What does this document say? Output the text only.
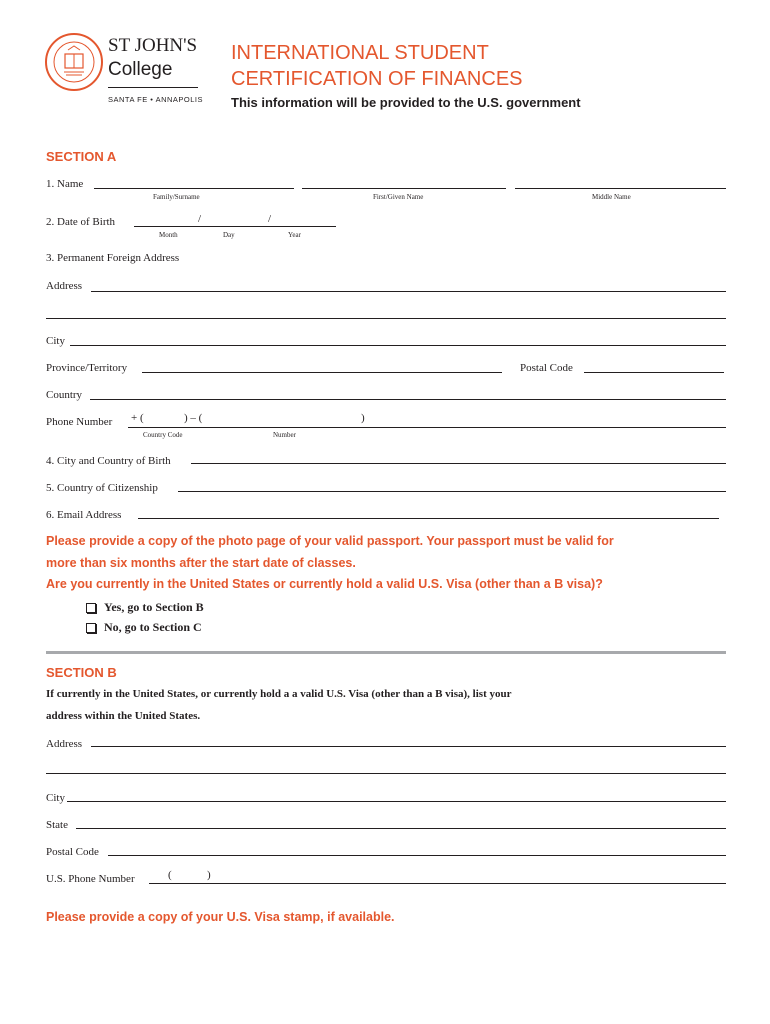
ST JOHN'S
College
SANTA FE • ANNAPOLIS
INTERNATIONAL STUDENT
CERTIFICATION OF FINANCES
This information will be provided to the U.S. government
SECTION A
1. Name
Family/Surname	First/Given Name	Middle Name
2. Date of Birth	/	/
Month	Day	Year
3. Permanent Foreign Address
Address
City
Province/Territory	Postal Code
Country
Phone Number + (	) – (	)
Country Code	Number
4. City and Country of Birth
5. Country of Citizenship
6. Email Address
Please provide a copy of the photo page of your valid passport. Your passport must be valid for
more than six months after the start date of classes.
Are you currently in the United States or currently hold a valid U.S. Visa (other than a B visa)?
Yes, go to Section B
No, go to Section C
SECTION B
If currently in the United States, or currently hold a a valid U.S. Visa (other than a B visa), list your
address within the United States.
Address
City
State
Postal Code
U.S. Phone Number	(	)
Please provide a copy of your U.S. Visa stamp, if available.
